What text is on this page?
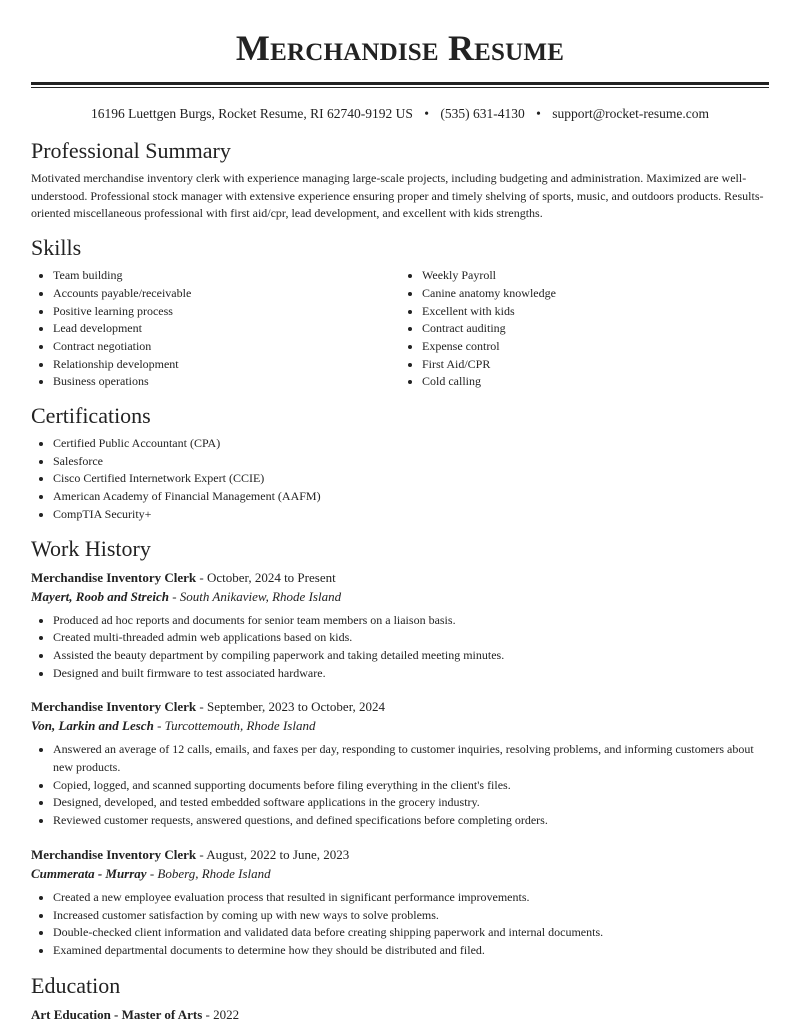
Merchandise Resume
16196 Luettgen Burgs, Rocket Resume, RI 62740-9192 US • (535) 631-4130 • support@rocket-resume.com
Professional Summary

Motivated merchandise inventory clerk with experience managing large-scale projects, including budgeting and administration. Maximized are well-understood. Professional stock manager with extensive experience ensuring proper and timely shelving of sports, music, and outdoors products. Results-oriented miscellaneous professional with first aid/cpr, lead development, and excellent with kids strengths.

Skills
• Team building
• Accounts payable/receivable
• Positive learning process
• Lead development
• Contract negotiation
• Relationship development
• Business operations
• Weekly Payroll
• Canine anatomy knowledge
• Excellent with kids
• Contract auditing
• Expense control
• First Aid/CPR
• Cold calling
Certifications
• Certified Public Accountant (CPA)
• Salesforce
• Cisco Certified Internetwork Expert (CCIE)
• American Academy of Financial Management (AAFM)
• CompTIA Security+
Work History
Merchandise Inventory Clerk - October, 2024 to Present
Mayert, Roob and Streich - South Anikaview, Rhode Island
• Produced ad hoc reports and documents for senior team members on a liaison basis.
• Created multi-threaded admin web applications based on kids.
• Assisted the beauty department by compiling paperwork and taking detailed meeting minutes.
• Designed and built firmware to test associated hardware.
Merchandise Inventory Clerk - September, 2023 to October, 2024
Von, Larkin and Lesch - Turcottemouth, Rhode Island
• Answered an average of 12 calls, emails, and faxes per day, responding to customer inquiries, resolving problems, and informing customers about new products.
• Copied, logged, and scanned supporting documents before filing everything in the client's files.
• Designed, developed, and tested embedded software applications in the grocery industry.
• Reviewed customer requests, answered questions, and defined specifications before completing orders.
Merchandise Inventory Clerk - August, 2022 to June, 2023
Cummerata - Murray - Boberg, Rhode Island
• Created a new employee evaluation process that resulted in significant performance improvements.
• Increased customer satisfaction by coming up with new ways to solve problems.
• Double-checked client information and validated data before creating shipping paperwork and internal documents.
• Examined departmental documents to determine how they should be distributed and filed.
Education
Art Education - Master of Arts - 2022
